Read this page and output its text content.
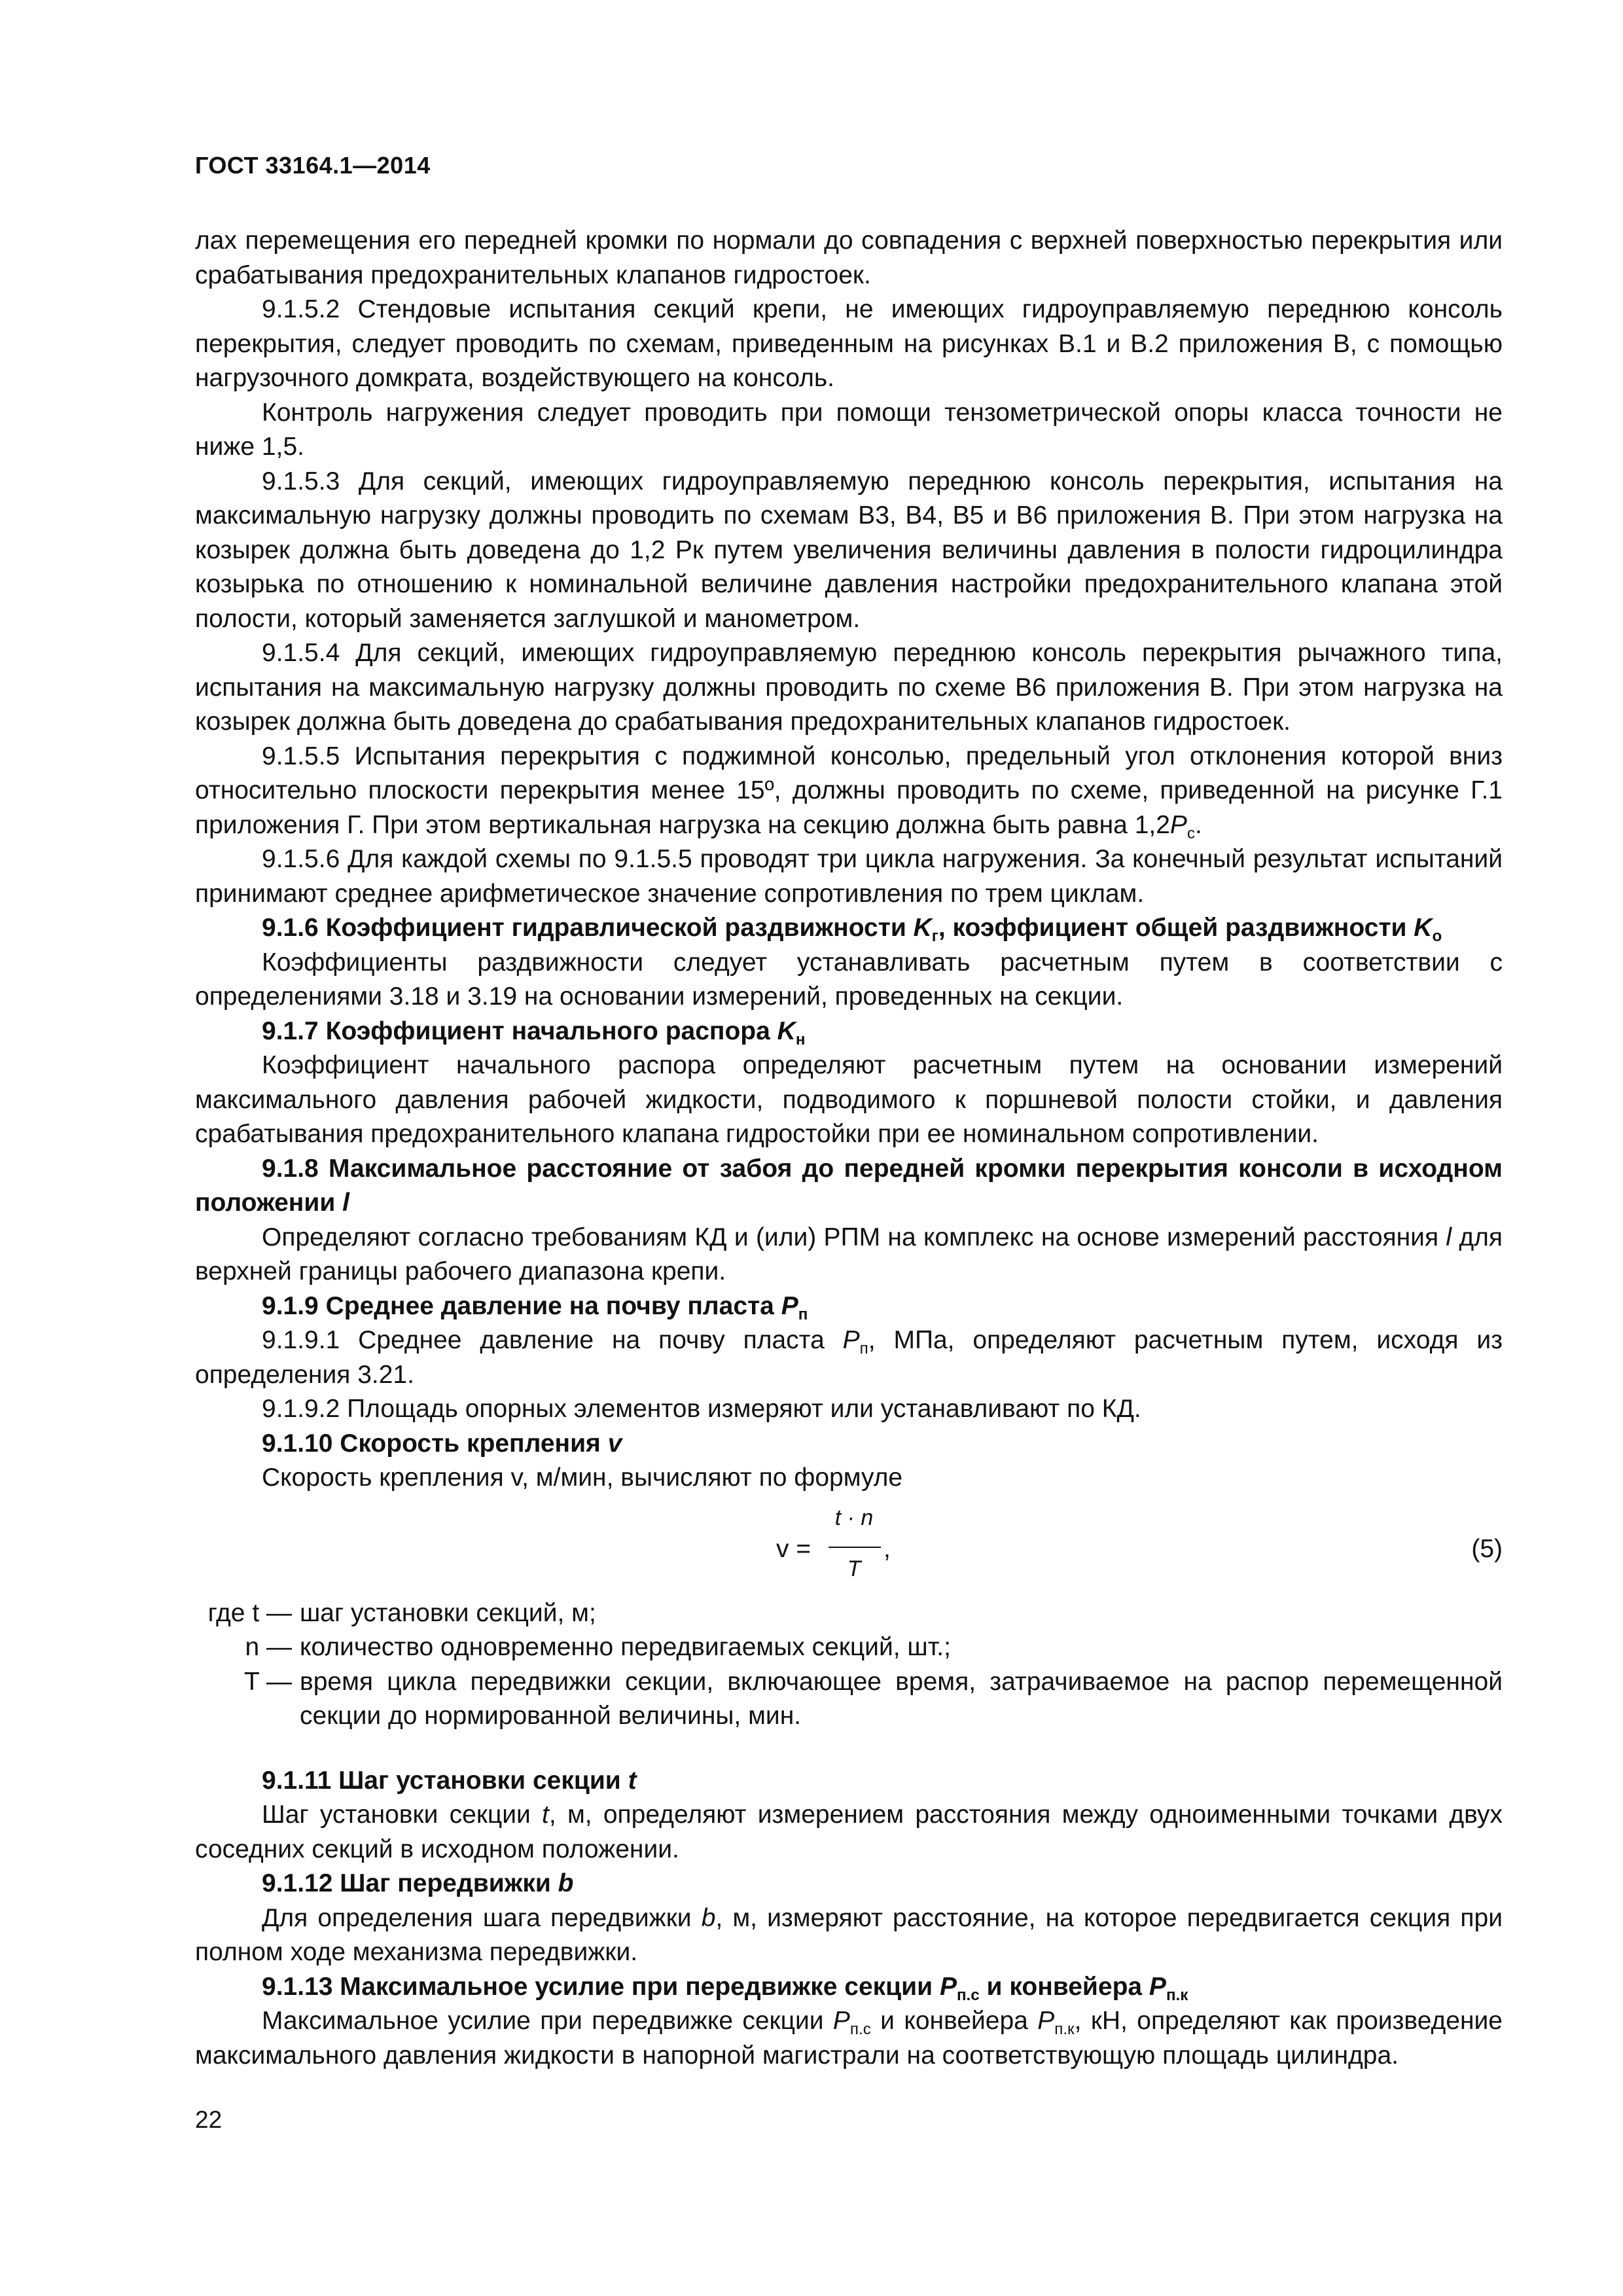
ГОСТ 33164.1—2014

лах перемещения его передней кромки по нормали до совпадения с верхней поверхностью перекрытия или срабатывания предохранительных клапанов гидростоек.

9.1.5.2 Стендовые испытания секций крепи, не имеющих гидроуправляемую переднюю консоль перекрытия, следует проводить по схемам, приведенным на рисунках В.1 и В.2 приложения В, с помощью нагрузочного домкрата, воздействующего на консоль.

Контроль нагружения следует проводить при помощи тензометрической опоры класса точности не ниже 1,5.

9.1.5.3 Для секций, имеющих гидроуправляемую переднюю консоль перекрытия, испытания на максимальную нагрузку должны проводить по схемам В3, В4, В5 и В6 приложения В. При этом нагрузка на козырек должна быть доведена до 1,2 Рк путем увеличения величины давления в полости гидроцилиндра козырька по отношению к номинальной величине давления настройки предохранительного клапана этой полости, который заменяется заглушкой и манометром.

9.1.5.4 Для секций, имеющих гидроуправляемую переднюю консоль перекрытия рычажного типа, испытания на максимальную нагрузку должны проводить по схеме В6 приложения В. При этом нагрузка на козырек должна быть доведена до срабатывания предохранительных клапанов гидростоек.

9.1.5.5 Испытания перекрытия с поджимной консолью, предельный угол отклонения которой вниз относительно плоскости перекрытия менее 15º, должны проводить по схеме, приведенной на рисунке Г.1 приложения Г. При этом вертикальная нагрузка на секцию должна быть равна $1,2P_с$.

9.1.5.6 Для каждой схемы по 9.1.5.5 проводят три цикла нагружения. За конечный результат испытаний принимают среднее арифметическое значение сопротивления по трем циклам.

9.1.6 Коэффициент гидравлической раздвижности $K_г$, коэффициент общей раздвижности $K_о$

Коэффициенты раздвижности следует устанавливать расчетным путем в соответствии с определениями 3.18 и 3.19 на основании измерений, проведенных на секции.

9.1.7 Коэффициент начального распора $K_н$

Коэффициент начального распора определяют расчетным путем на основании измерений максимального давления рабочей жидкости, подводимого к поршневой полости стойки, и давления срабатывания предохранительного клапана гидростойки при ее номинальном сопротивлении.

9.1.8 Максимальное расстояние от забоя до передней кромки перекрытия консоли в исходном положении l

Определяют согласно требованиям КД и (или) РПМ на комплекс на основе измерений расстояния l для верхней границы рабочего диапазона крепи.

9.1.9 Среднее давление на почву пласта $P_п$

9.1.9.1 Среднее давление на почву пласта $P_п$, МПа, определяют расчетным путем, исходя из определения 3.21.

9.1.9.2 Площадь опорных элементов измеряют или устанавливают по КД.

9.1.10 Скорость крепления v

Скорость крепления v, м/мин, вычисляют по формуле

v =
t · n
T
,	(5)
где t — шаг установки секций, м;
n — количество одновременно передвигаемых секций, шт.;
T — время цикла передвижки секции, включающее время, затрачиваемое на распор перемещенной секции до нормированной величины, мин.

9.1.11 Шаг установки секции t

Шаг установки секции t, м, определяют измерением расстояния между одноименными точками двух соседних секций в исходном положении.

9.1.12 Шаг передвижки b

Для определения шага передвижки b, м, измеряют расстояние, на которое передвигается секция при полном ходе механизма передвижки.

9.1.13 Максимальное усилие при передвижке секции $P_{п.с}$ и конвейера $P_{п.к}$

Максимальное усилие при передвижке секции $P_{п.с}$ и конвейера $P_{п.к}$, кН, определяют как произведение максимального давления жидкости в напорной магистрали на соответствующую площадь цилиндра.

22
